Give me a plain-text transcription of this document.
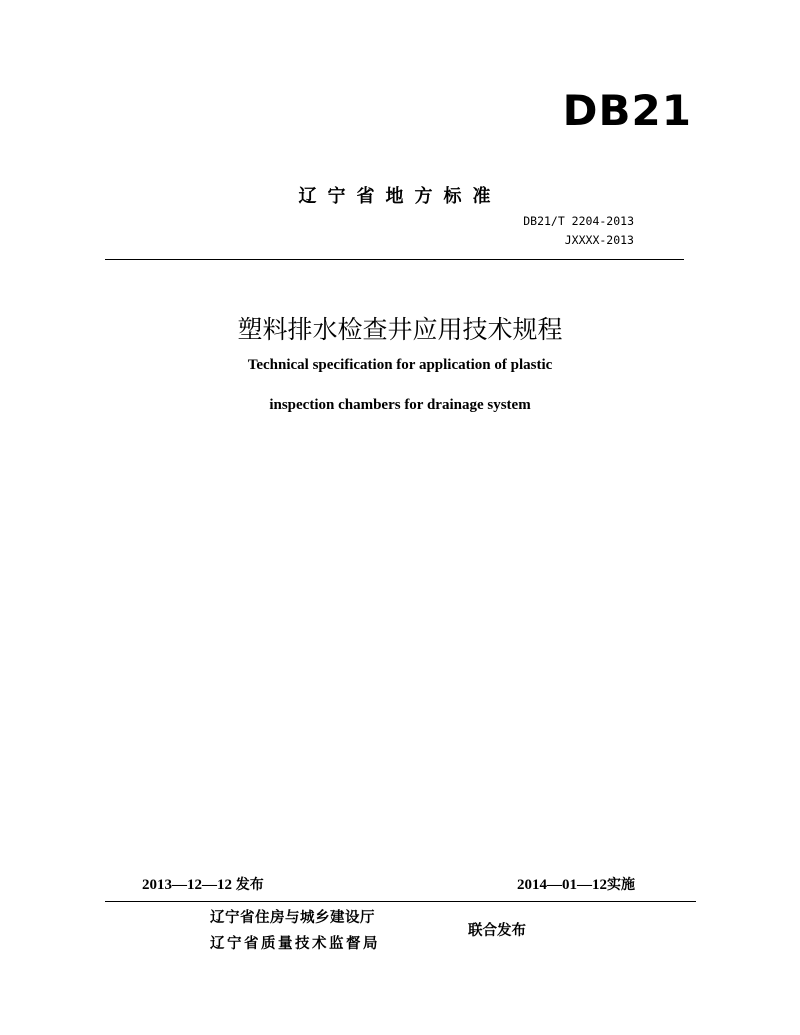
DB21
辽宁省地方标准
DB21/T 2204-2013
JXXXX-2013
塑料排水检查井应用技术规程
Technical specification for application of plastic
inspection chambers for drainage system
2013—12—12 发布	2014—01—12实施
辽宁省住房与城乡建设厅
辽宁省质量技术监督局
联合发布
